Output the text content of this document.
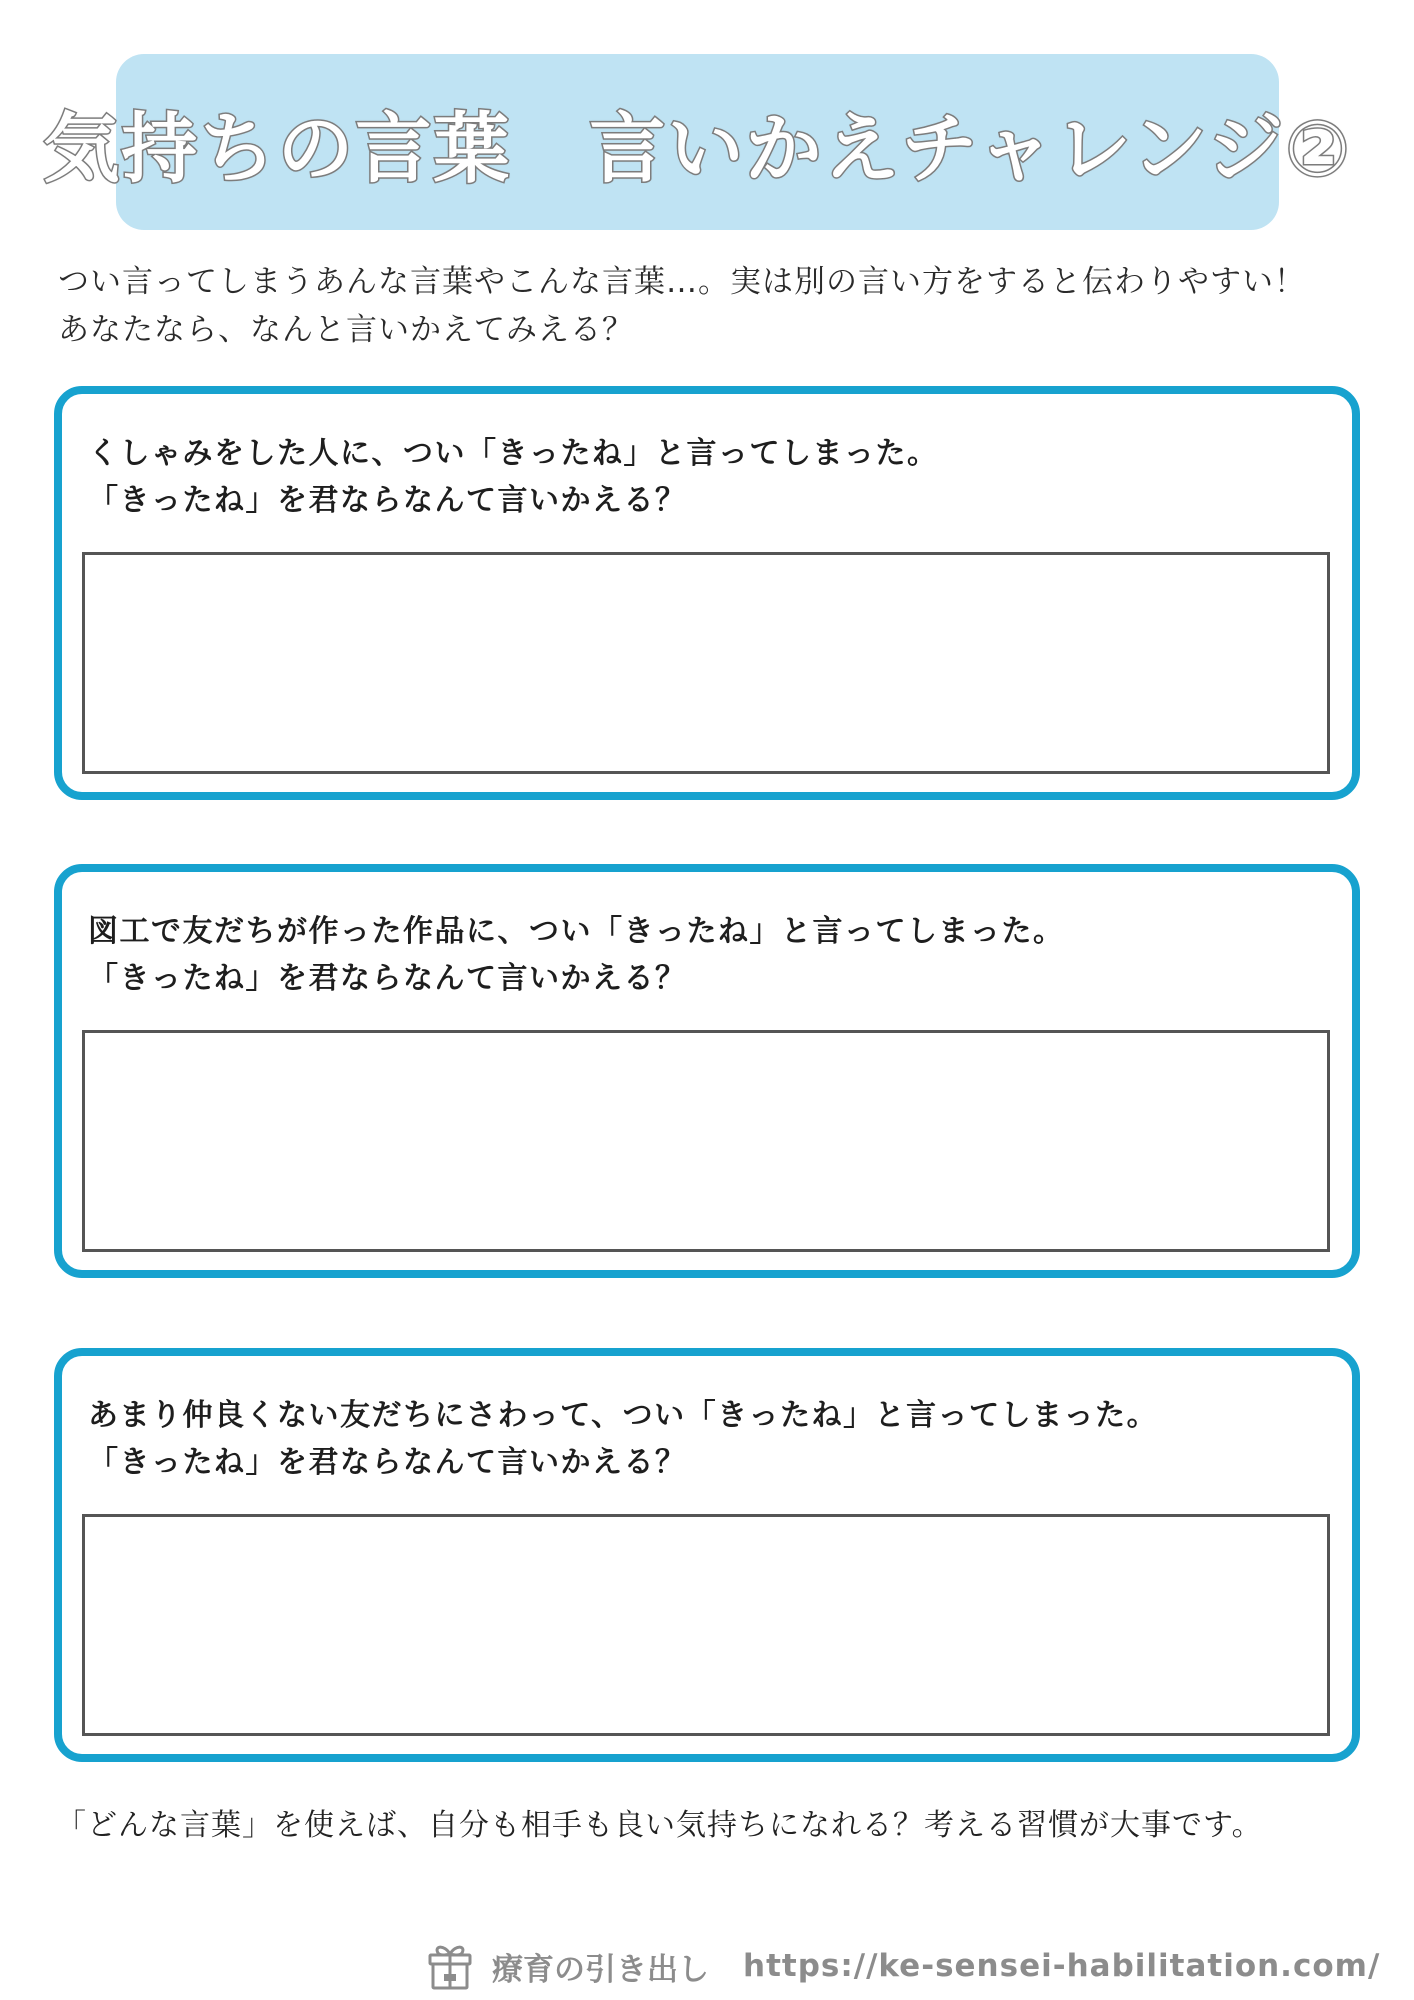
気持ちの言葉　言いかえチャレンジ②
つい言ってしまうあんな言葉やこんな言葉…。実は別の言い方をすると伝わりやすい！
あなたなら、なんと言いかえてみえる？
くしゃみをした人に、つい「きったね」と言ってしまった。
「きったね」を君ならなんて言いかえる？
図工で友だちが作った作品に、つい「きったね」と言ってしまった。
「きったね」を君ならなんて言いかえる？
あまり仲良くない友だちにさわって、つい「きったね」と言ってしまった。
「きったね」を君ならなんて言いかえる？
「どんな言葉」を使えば、自分も相手も良い気持ちになれる？考える習慣が大事です。
療育の引き出し https://ke-sensei-habilitation.com/
